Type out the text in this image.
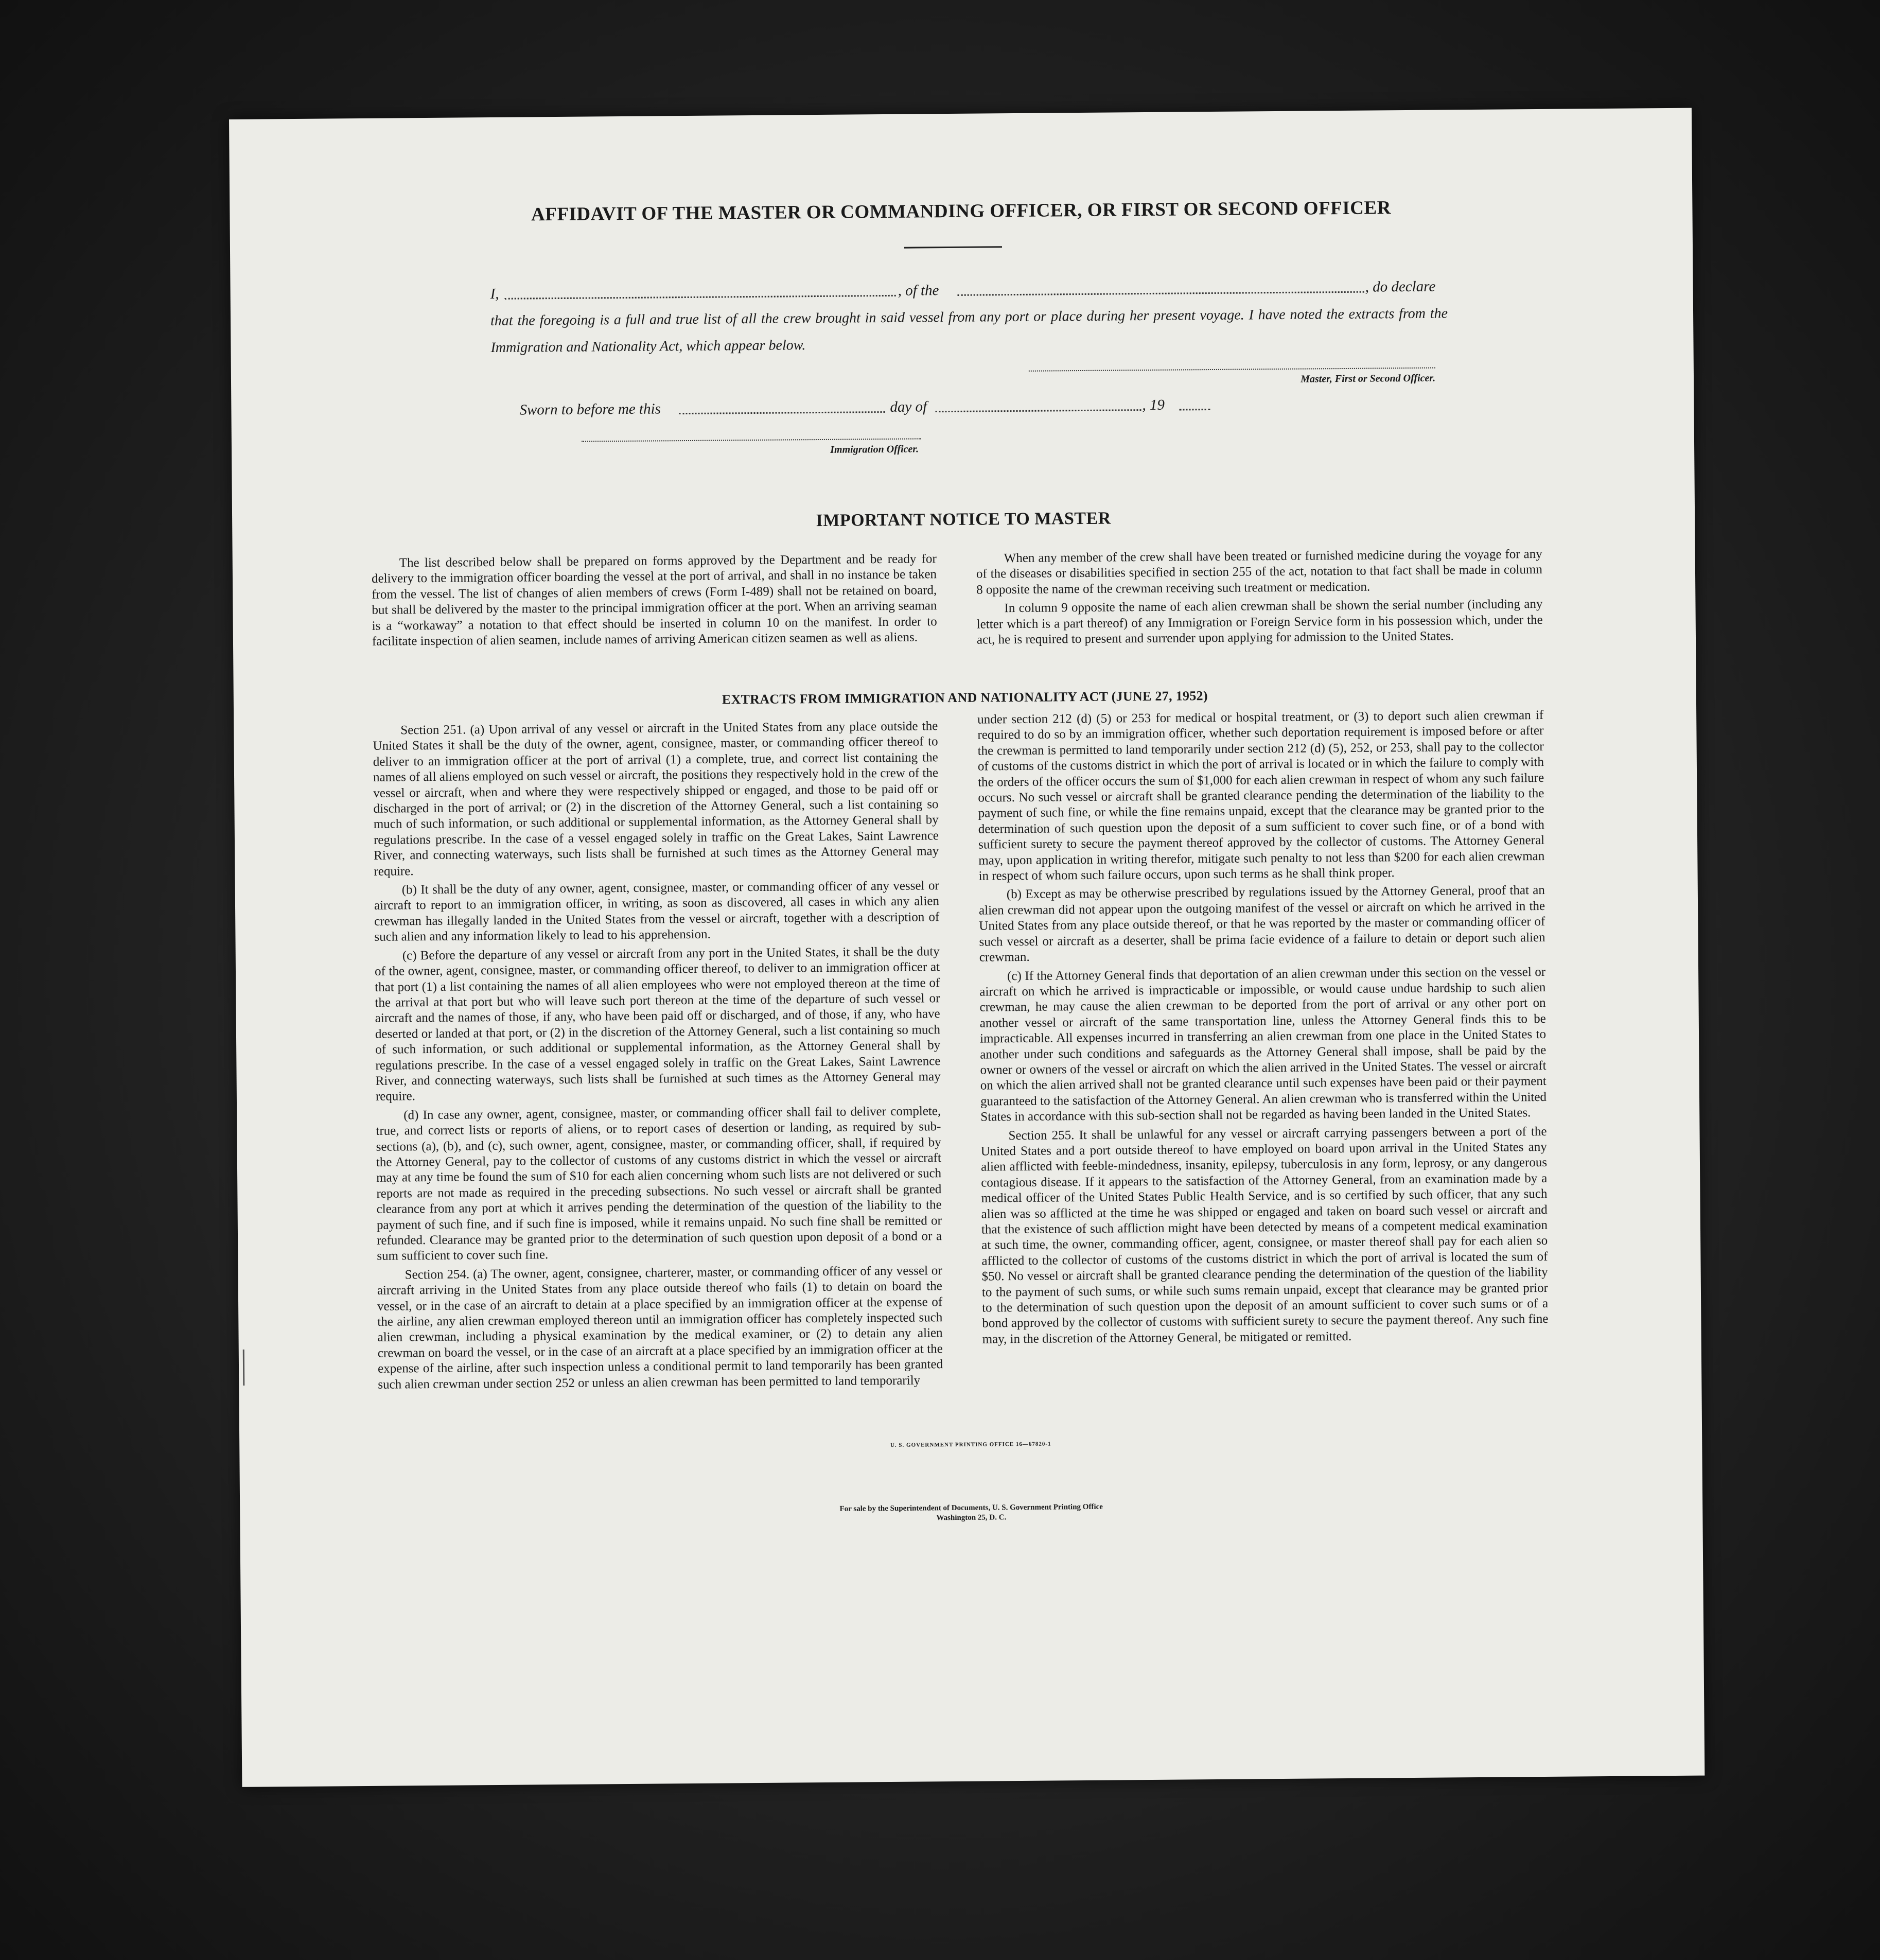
AFFIDAVIT OF THE MASTER OR COMMANDING OFFICER, OR FIRST OR SECOND OFFICER
I,	, of the	, do declare
that the foregoing is a full and true list of all the crew brought in said vessel from any port or place during her present voyage. I have noted the extracts from the Immigration and Nationality Act, which appear below.
Master, First or Second Officer.
Sworn to before me this	day of	, 19
Immigration Officer.
IMPORTANT NOTICE TO MASTER

The list described below shall be prepared on forms approved by the Department and be ready for delivery to the immigration officer boarding the vessel at the port of arrival, and shall in no instance be taken from the vessel. The list of changes of alien members of crews (Form I-489) shall not be retained on board, but shall be delivered by the master to the principal immigration officer at the port. When an arriving seaman is a “workaway” a notation to that effect should be inserted in column 10 on the manifest. In order to facilitate inspection of alien seamen, include names of arriving American citizen seamen as well as aliens.

When any member of the crew shall have been treated or furnished medicine during the voyage for any of the diseases or disabilities specified in section 255 of the act, notation to that fact shall be made in column 8 opposite the name of the crewman receiving such treatment or medication.

In column 9 opposite the name of each alien crewman shall be shown the serial number (including any letter which is a part thereof) of any Immigration or Foreign Service form in his possession which, under the act, he is required to present and surrender upon applying for admission to the United States.

EXTRACTS FROM IMMIGRATION AND NATIONALITY ACT (JUNE 27, 1952)

Section 251. (a) Upon arrival of any vessel or aircraft in the United States from any place outside the United States it shall be the duty of the owner, agent, consignee, master, or commanding officer thereof to deliver to an immigration officer at the port of arrival (1) a complete, true, and correct list containing the names of all aliens employed on such vessel or aircraft, the positions they respectively hold in the crew of the vessel or aircraft, when and where they were respectively shipped or engaged, and those to be paid off or discharged in the port of arrival; or (2) in the discretion of the Attorney General, such a list containing so much of such information, or such additional or supplemental information, as the Attorney General shall by regulations prescribe. In the case of a vessel engaged solely in traffic on the Great Lakes, Saint Lawrence River, and connecting waterways, such lists shall be furnished at such times as the Attorney General may require.

(b) It shall be the duty of any owner, agent, consignee, master, or commanding officer of any vessel or aircraft to report to an immigration officer, in writing, as soon as discovered, all cases in which any alien crewman has illegally landed in the United States from the vessel or aircraft, together with a description of such alien and any information likely to lead to his apprehension.

(c) Before the departure of any vessel or aircraft from any port in the United States, it shall be the duty of the owner, agent, consignee, master, or commanding officer thereof, to deliver to an immigration officer at that port (1) a list containing the names of all alien employees who were not employed thereon at the time of the arrival at that port but who will leave such port thereon at the time of the departure of such vessel or aircraft and the names of those, if any, who have been paid off or discharged, and of those, if any, who have deserted or landed at that port, or (2) in the discretion of the Attorney General, such a list containing so much of such information, or such additional or supplemental information, as the Attorney General shall by regulations prescribe. In the case of a vessel engaged solely in traffic on the Great Lakes, Saint Lawrence River, and connecting waterways, such lists shall be furnished at such times as the Attorney General may require.

(d) In case any owner, agent, consignee, master, or commanding officer shall fail to deliver complete, true, and correct lists or reports of aliens, or to report cases of desertion or landing, as required by sub-sections (a), (b), and (c), such owner, agent, consignee, master, or commanding officer, shall, if required by the Attorney General, pay to the collector of customs of any customs district in which the vessel or aircraft may at any time be found the sum of $10 for each alien concerning whom such lists are not delivered or such reports are not made as required in the preceding subsections. No such vessel or aircraft shall be granted clearance from any port at which it arrives pending the determination of the question of the liability to the payment of such fine, and if such fine is imposed, while it remains unpaid. No such fine shall be remitted or refunded. Clearance may be granted prior to the determination of such question upon deposit of a bond or a sum sufficient to cover such fine.

Section 254. (a) The owner, agent, consignee, charterer, master, or commanding officer of any vessel or aircraft arriving in the United States from any place outside thereof who fails (1) to detain on board the vessel, or in the case of an aircraft to detain at a place specified by an immigration officer at the expense of the airline, any alien crewman employed thereon until an immigration officer has completely inspected such alien crewman, including a physical examination by the medical examiner, or (2) to detain any alien crewman on board the vessel, or in the case of an aircraft at a place specified by an immigration officer at the expense of the airline, after such inspection unless a conditional permit to land temporarily has been granted such alien crewman under section 252 or unless an alien crewman has been permitted to land temporarily

under section 212 (d) (5) or 253 for medical or hospital treatment, or (3) to deport such alien crewman if required to do so by an immigration officer, whether such deportation requirement is imposed before or after the crewman is permitted to land temporarily under section 212 (d) (5), 252, or 253, shall pay to the collector of customs of the customs district in which the port of arrival is located or in which the failure to comply with the orders of the officer occurs the sum of $1,000 for each alien crewman in respect of whom any such failure occurs. No such vessel or aircraft shall be granted clearance pending the determination of the liability to the payment of such fine, or while the fine remains unpaid, except that the clearance may be granted prior to the determination of such question upon the deposit of a sum sufficient to cover such fine, or of a bond with sufficient surety to secure the payment thereof approved by the collector of customs. The Attorney General may, upon application in writing therefor, mitigate such penalty to not less than $200 for each alien crewman in respect of whom such failure occurs, upon such terms as he shall think proper.

(b) Except as may be otherwise prescribed by regulations issued by the Attorney General, proof that an alien crewman did not appear upon the outgoing manifest of the vessel or aircraft on which he arrived in the United States from any place outside thereof, or that he was reported by the master or commanding officer of such vessel or aircraft as a deserter, shall be prima facie evidence of a failure to detain or deport such alien crewman.

(c) If the Attorney General finds that deportation of an alien crewman under this section on the vessel or aircraft on which he arrived is impracticable or impossible, or would cause undue hardship to such alien crewman, he may cause the alien crewman to be deported from the port of arrival or any other port on another vessel or aircraft of the same transportation line, unless the Attorney General finds this to be impracticable. All expenses incurred in transferring an alien crewman from one place in the United States to another under such conditions and safeguards as the Attorney General shall impose, shall be paid by the owner or owners of the vessel or aircraft on which the alien arrived in the United States. The vessel or aircraft on which the alien arrived shall not be granted clearance until such expenses have been paid or their payment guaranteed to the satisfaction of the Attorney General. An alien crewman who is transferred within the United States in accordance with this sub-section shall not be regarded as having been landed in the United States.

Section 255. It shall be unlawful for any vessel or aircraft carrying passengers between a port of the United States and a port outside thereof to have employed on board upon arrival in the United States any alien afflicted with feeble-mindedness, insanity, epilepsy, tuberculosis in any form, leprosy, or any dangerous contagious disease. If it appears to the satisfaction of the Attorney General, from an examination made by a medical officer of the United States Public Health Service, and is so certified by such officer, that any such alien was so afflicted at the time he was shipped or engaged and taken on board such vessel or aircraft and that the existence of such affliction might have been detected by means of a competent medical examination at such time, the owner, commanding officer, agent, consignee, or master thereof shall pay for each alien so afflicted to the collector of customs of the customs district in which the port of arrival is located the sum of $50. No vessel or aircraft shall be granted clearance pending the determination of the question of the liability to the payment of such sums, or while such sums remain unpaid, except that clearance may be granted prior to the determination of such question upon the deposit of an amount sufficient to cover such sums or of a bond approved by the collector of customs with sufficient surety to secure the payment thereof. Any such fine may, in the discretion of the Attorney General, be mitigated or remitted.

U. S. GOVERNMENT PRINTING OFFICE 16—67820-1
For sale by the Superintendent of Documents, U. S. Government Printing Office
Washington 25, D. C.
